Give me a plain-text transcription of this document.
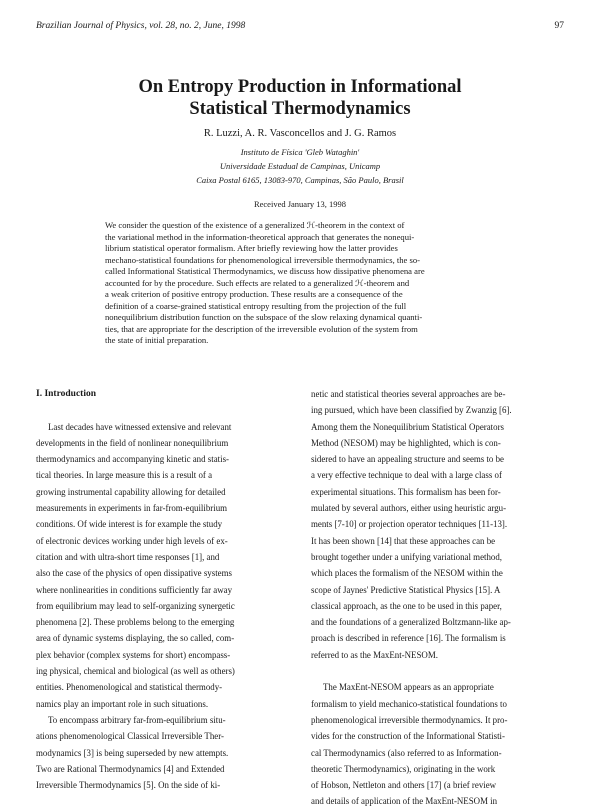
Brazilian Journal of Physics, vol. 28, no. 2, June, 1998	97
On Entropy Production in Informational
Statistical Thermodynamics
R. Luzzi, A. R. Vasconcellos and J. G. Ramos
Instituto de Física 'Gleb Wataghin'
Universidade Estadual de Campinas, Unicamp
Caixa Postal 6165, 13083-970, Campinas, São Paulo, Brasil
Received January 13, 1998
We consider the question of the existence of a generalized ℋ-theorem in the context of
the variational method in the information-theoretical approach that generates the nonequi-
librium statistical operator formalism. After briefly reviewing how the latter provides
mechano-statistical foundations for phenomenological irreversible thermodynamics, the so-
called Informational Statistical Thermodynamics, we discuss how dissipative phenomena are
accounted for by the procedure. Such effects are related to a generalized ℋ-theorem and
a weak criterion of positive entropy production. These results are a consequence of the
definition of a coarse-grained statistical entropy resulting from the projection of the full
nonequilibrium distribution function on the subspace of the slow relaxing dynamical quanti-
ties, that are appropriate for the description of the irreversible evolution of the system from
the state of initial preparation.
I. Introduction
Last decades have witnessed extensive and relevant
developments in the field of nonlinear nonequilibrium
thermodynamics and accompanying kinetic and statis-
tical theories. In large measure this is a result of a
growing instrumental capability allowing for detailed
measurements in experiments in far-from-equilibrium
conditions. Of wide interest is for example the study
of electronic devices working under high levels of ex-
citation and with ultra-short time responses [1], and
also the case of the physics of open dissipative systems
where nonlinearities in conditions sufficiently far away
from equilibrium may lead to self-organizing synergetic
phenomena [2]. These problems belong to the emerging
area of dynamic systems displaying, the so called, com-
plex behavior (complex systems for short) encompass-
ing physical, chemical and biological (as well as others)
entities. Phenomenological and statistical thermody-
namics play an important role in such situations.
To encompass arbitrary far-from-equilibrium situ-
ations phenomenological Classical Irreversible Ther-
modynamics [3] is being superseded by new attempts.
Two are Rational Thermodynamics [4] and Extended
Irreversible Thermodynamics [5]. On the side of ki-
netic and statistical theories several approaches are be-
ing pursued, which have been classified by Zwanzig [6].
Among them the Nonequilibrium Statistical Operators
Method (NESOM) may be highlighted, which is con-
sidered to have an appealing structure and seems to be
a very effective technique to deal with a large class of
experimental situations. This formalism has been for-
mulated by several authors, either using heuristic argu-
ments [7-10] or projection operator techniques [11-13].
It has been shown [14] that these approaches can be
brought together under a unifying variational method,
which places the formalism of the NESOM within the
scope of Jaynes' Predictive Statistical Physics [15]. A
classical approach, as the one to be used in this paper,
and the foundations of a generalized Boltzmann-like ap-
proach is described in reference [16]. The formalism is
referred to as the MaxEnt-NESOM.
The MaxEnt-NESOM appears as an appropriate
formalism to yield mechanico-statistical foundations to
phenomenological irreversible thermodynamics. It pro-
vides for the construction of the Informational Statisti-
cal Thermodynamics (also referred to as Information-
theoretic Thermodynamics), originating in the work
of Hobson, Nettleton and others [17] (a brief review
and details of application of the MaxEnt-NESOM in
